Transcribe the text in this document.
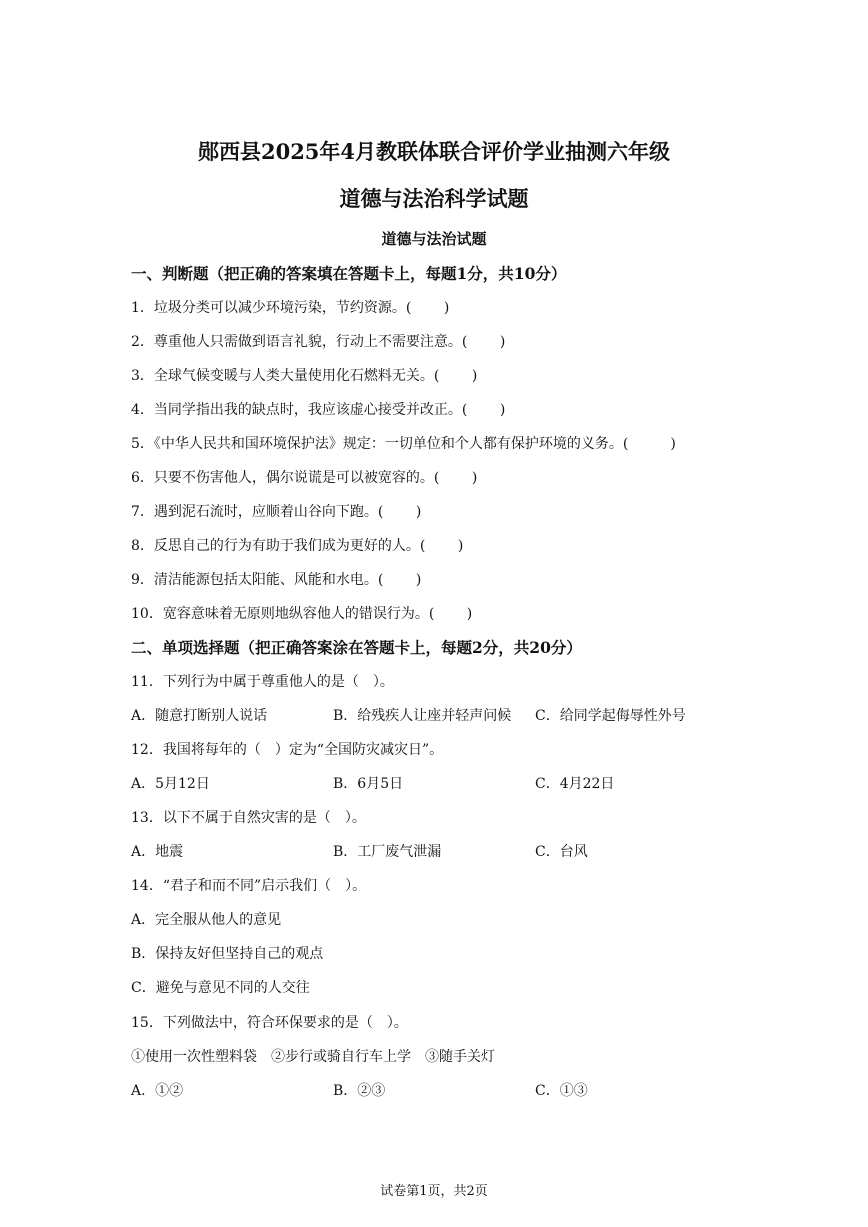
郧西县2025年4月教联体联合评价学业抽测六年级
道德与法治科学试题
道德与法治试题
一、判断题（把正确的答案填在答题卡上，每题1分，共10分）
1．垃圾分类可以减少环境污染，节约资源。(　　 )
2．尊重他人只需做到语言礼貌，行动上不需要注意。(　　 )
3．全球气候变暖与人类大量使用化石燃料无关。(　　 )
4．当同学指出我的缺点时，我应该虚心接受并改正。(　　 )
5．《中华人民共和国环境保护法》规定：一切单位和个人都有保护环境的义务。(　　　)
6．只要不伤害他人，偶尔说谎是可以被宽容的。(　　 )
7．遇到泥石流时，应顺着山谷向下跑。(　　 )
8．反思自己的行为有助于我们成为更好的人。(　　 )
9．清洁能源包括太阳能、风能和水电。(　　 )
10．宽容意味着无原则地纵容他人的错误行为。(　　 )
二、单项选择题（把正确答案涂在答题卡上，每题2分，共20分）
11．下列行为中属于尊重他人的是（　）。
A．随意打断别人说话	B．给残疾人让座并轻声问候 C．给同学起侮辱性外号
12．我国将每年的（　）定为“全国防灾减灾日”。
A．5月12日	B．6月5日	C．4月22日
13．以下不属于自然灾害的是（　）。
A．地震	B．工厂废气泄漏	C．台风
14．“君子和而不同”启示我们（　）。
A．完全服从他人的意见
B．保持友好但坚持自己的观点
C．避免与意见不同的人交往
15．下列做法中，符合环保要求的是（　）。
①使用一次性塑料袋　②步行或骑自行车上学　③随手关灯
A．①②	B．②③	C．①③
试卷第1页，共2页
